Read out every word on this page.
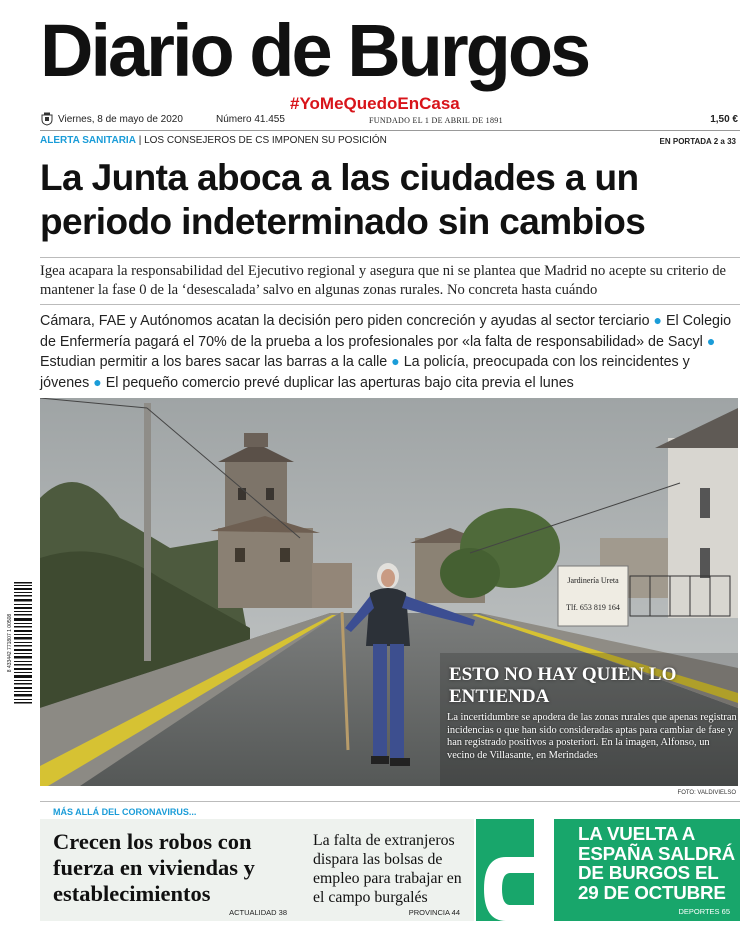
Diario de Burgos
#YoMeQuedoEnCasa
Viernes, 8 de mayo de 2020	Número 41.455	FUNDADO EL 1 DE ABRIL DE 1891	1,50 €
ALERTA SANITARIA | LOS CONSEJEROS DE CS IMPONEN SU POSICIÓN	EN PORTADA 2 a 33
La Junta aboca a las ciudades a un periodo indeterminado sin cambios
Igea acapara la responsabilidad del Ejecutivo regional y asegura que ni se plantea que Madrid no acepte su criterio de mantener la fase 0 de la ‘desescalada’ salvo en algunas zonas rurales. No concreta hasta cuándo
Cámara, FAE y Autónomos acatan la decisión pero piden concreción y ayudas al sector terciario ● El Colegio de Enfermería pagará el 70% de la prueba a los profesionales por «la falta de responsabilidad» de Sacyl ● Estudian permitir a los bares sacar las barras a la calle ● La policía, preocupada con los reincidentes y jóvenes ● El pequeño comercio prevé duplicar las aperturas bajo cita previa el lunes
8 433442 771807 1 00508
Jardinería Ureta
Tlf. 653 819 164
ESTO NO HAY QUIEN LO ENTIENDA
La incertidumbre se apodera de las zonas rurales que apenas registran incidencias o que han sido consideradas aptas para cambiar de fase y han registrado positivos a posteriori. En la imagen, Alfonso, un vecino de Villasante, en Merindades
FOTO: VALDIVIELSO
MÁS ALLÁ DEL CORONAVIRUS...
Crecen los robos con fuerza en viviendas y establecimientos
ACTUALIDAD 38
La falta de extranjeros dispara las bolsas de empleo para trabajar en el campo burgalés
PROVINCIA 44
LA VUELTA A ESPAÑA SALDRÁ DE BURGOS EL 29 DE OCTUBRE
DEPORTES 65
